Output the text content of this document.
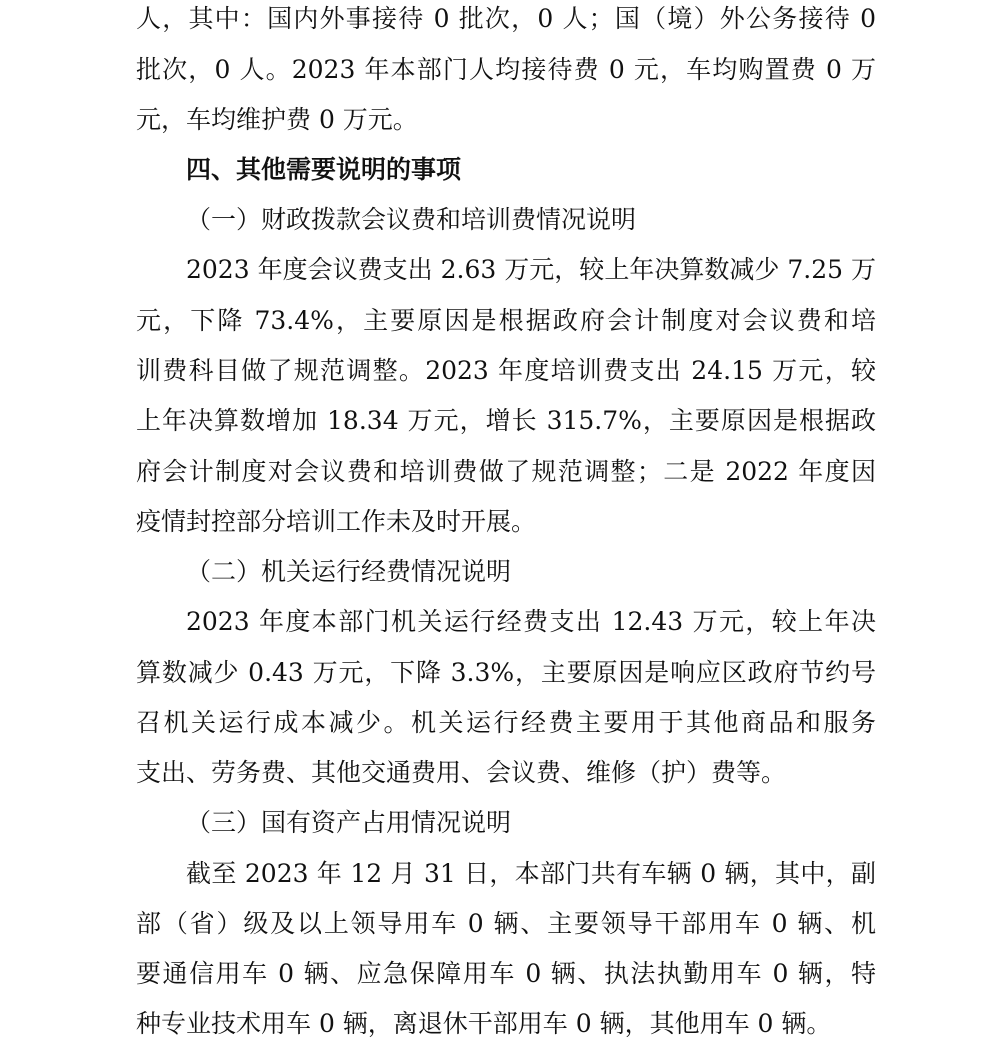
人，其中：国内外事接待 0 批次，0 人；国（境）外公务接待 0
批次，0 人。2023 年本部门人均接待费 0 元，车均购置费 0 万
元，车均维护费 0 万元。
四、其他需要说明的事项
（一）财政拨款会议费和培训费情况说明
2023 年度会议费支出 2.63 万元，较上年决算数减少 7.25 万
元，下降 73.4%，主要原因是根据政府会计制度对会议费和培
训费科目做了规范调整。2023 年度培训费支出 24.15 万元，较
上年决算数增加 18.34 万元，增长 315.7%，主要原因是根据政
府会计制度对会议费和培训费做了规范调整；二是 2022 年度因
疫情封控部分培训工作未及时开展。
（二）机关运行经费情况说明
2023 年度本部门机关运行经费支出 12.43 万元，较上年决
算数减少 0.43 万元，下降 3.3%，主要原因是响应区政府节约号
召机关运行成本减少。机关运行经费主要用于其他商品和服务
支出、劳务费、其他交通费用、会议费、维修（护）费等。
（三）国有资产占用情况说明
截至 2023 年 12 月 31 日，本部门共有车辆 0 辆，其中，副
部（省）级及以上领导用车 0 辆、主要领导干部用车 0 辆、机
要通信用车 0 辆、应急保障用车 0 辆、执法执勤用车 0 辆，特
种专业技术用车 0 辆，离退休干部用车 0 辆，其他用车 0 辆。
